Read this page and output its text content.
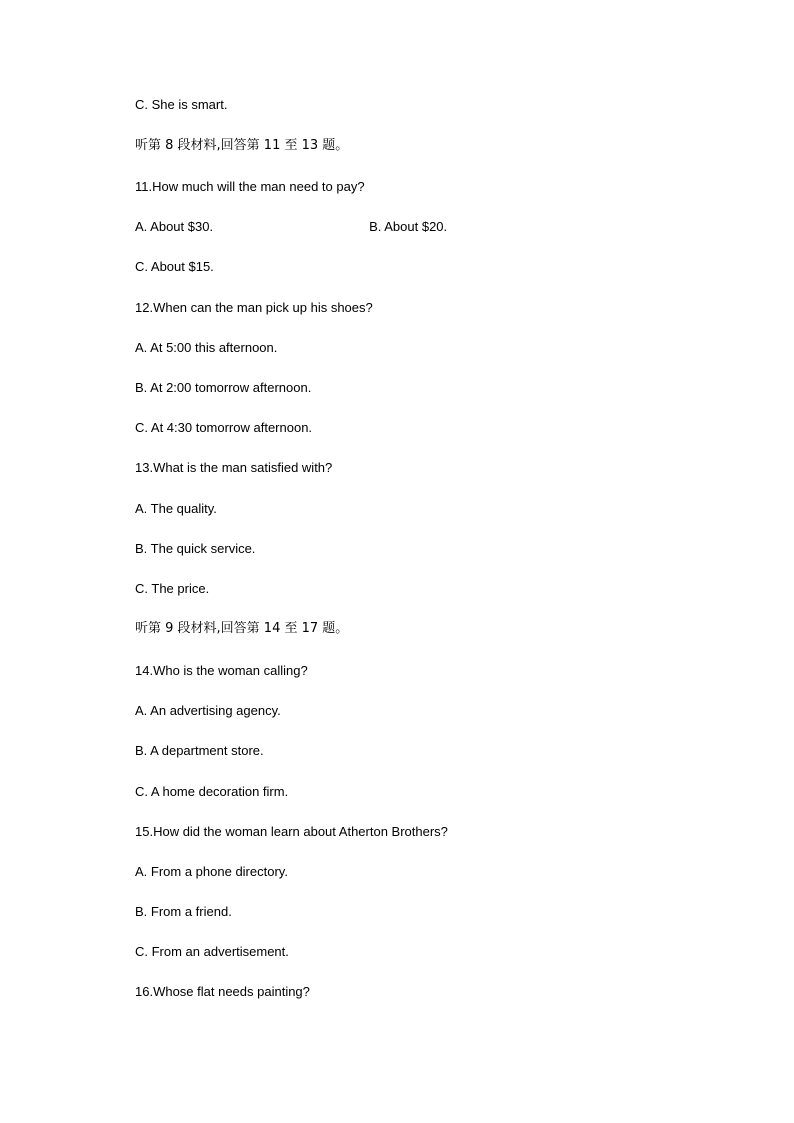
C. She is smart.
听第 8 段材料,回答第 11 至 13 题。
11.How much will the man need to pay?
A. About $30.	B. About $20.
C. About $15.
12.When can the man pick up his shoes?
A. At 5:00 this afternoon.
B. At 2:00 tomorrow afternoon.
C. At 4:30 tomorrow afternoon.
13.What is the man satisfied with?
A. The quality.
B. The quick service.
C. The price.
听第 9 段材料,回答第 14 至 17 题。
14.Who is the woman calling?
A. An advertising agency.
B. A department store.
C. A home decoration firm.
15.How did the woman learn about Atherton Brothers?
A. From a phone directory.
B. From a friend.
C. From an advertisement.
16.Whose flat needs painting?
